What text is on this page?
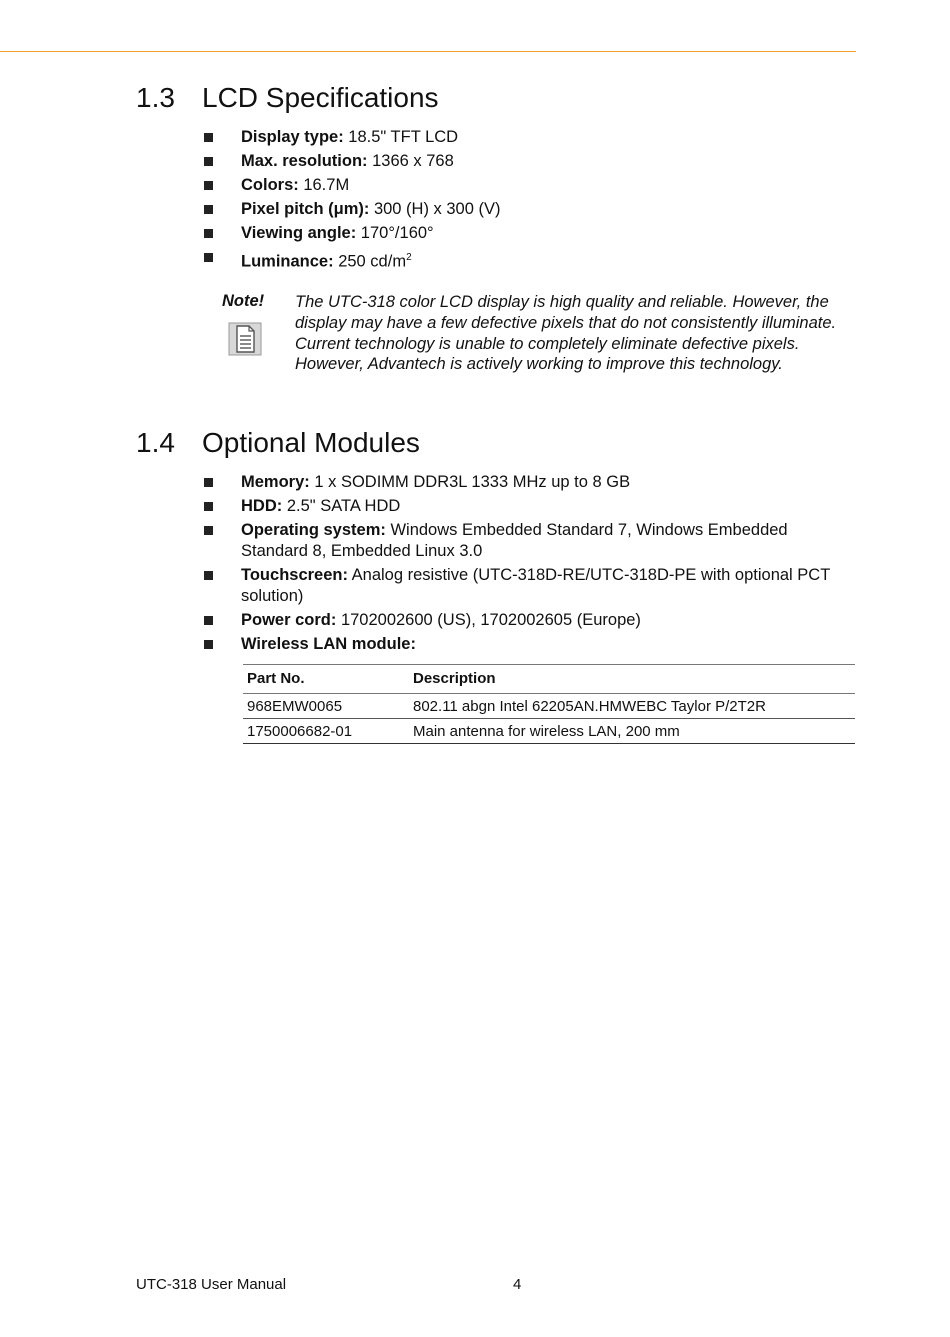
1.3 LCD Specifications
Display type: 18.5" TFT LCD
Max. resolution: 1366 x 768
Colors: 16.7M
Pixel pitch (μm): 300 (H) x 300 (V)
Viewing angle: 170°/160°
Luminance: 250 $cd/m^2$
Note! The UTC-318 color LCD display is high quality and reliable. However, the display may have a few defective pixels that do not consistently illuminate. Current technology is unable to completely eliminate defective pixels. However, Advantech is actively working to improve this technology.

1.4 Optional Modules
Memory: 1 x SODIMM DDR3L 1333 MHz up to 8 GB
HDD: 2.5" SATA HDD
Operating system: Windows Embedded Standard 7, Windows Embedded Standard 8, Embedded Linux 3.0
Touchscreen: Analog resistive (UTC-318D-RE/UTC-318D-PE with optional PCT solution)
Power cord: 1702002600 (US), 1702002605 (Europe)
Wireless LAN module:
Part No.	Description
968EMW0065	802.11 abgn Intel 62205AN.HMWEBC Taylor P/2T2R
1750006682-01	Main antenna for wireless LAN, 200 mm
UTC-318 User Manual	4
